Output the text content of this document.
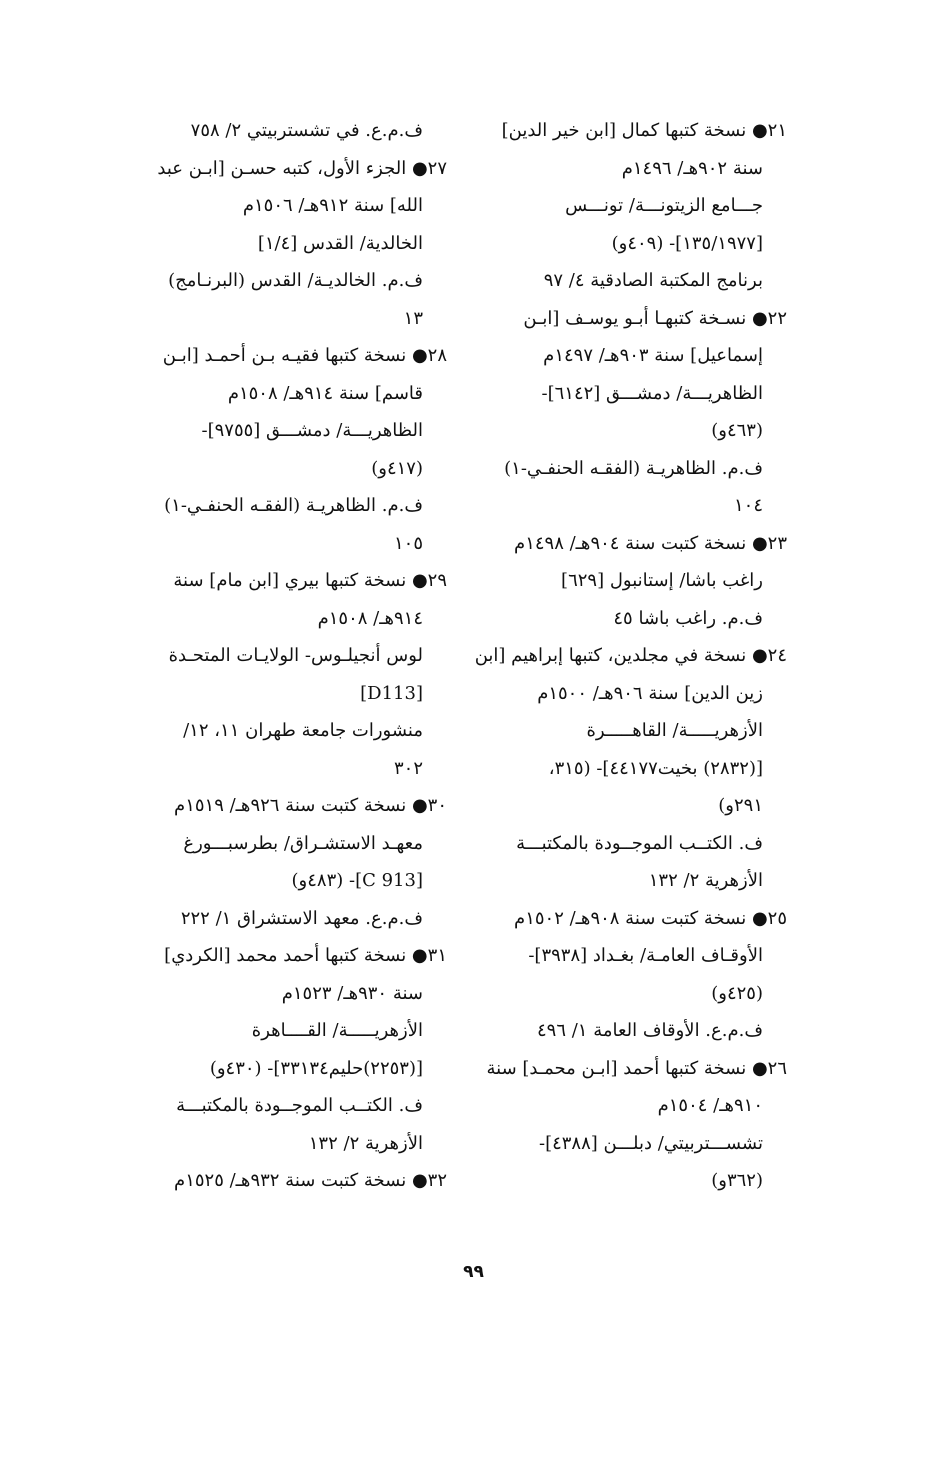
٢١● نسخة كتبها كمال [ابن خير الدين]
سنة ٩٠٢هـ/ ١٤٩٦م
جـــامع الزيتونـــة/ تونـــس
[١٣٥/١٩٧٧]- (٤٠٩و)
برنامج المكتبة الصادقية ٤/ ٩٧
٢٢● نسـخة كتبهـا أبـو يوسـف [ابـن
إسماعيل] سنة ٩٠٣هـ/ ١٤٩٧م
الظاهريـــة/ دمشـــق [٦١٤٢]-
(٤٦٣و)
ف.م. الظاهريـة (الفقـه الحنفـي-١)
١٠٤
٢٣● نسخة كتبت سنة ٩٠٤هـ/ ١٤٩٨م
راغب باشا/ إستانبول [٦٢٩]
ف.م. راغب باشا ٤٥
٢٤● نسخة في مجلدين، كتبها إبراهيم [ابن
زين الدين] سنة ٩٠٦هـ/ ١٥٠٠م
الأزهريـــــة/ القاهـــــرة
[(٢٨٣٢) بخيت٤٤١٧٧]- (٣١٥،
٢٩١و)
ف. الكتــب الموجــودة بالمكتبـــة
الأزهرية ٢/ ١٣٢
٢٥● نسخة كتبت سنة ٩٠٨هـ/ ١٥٠٢م
الأوقـاف العامـة/ بغـداد [٣٩٣٨]-
(٤٢٥و)
ف.م.ع. الأوقاف العامة ١/ ٤٩٦
٢٦● نسخة كتبها أحمد [ابـن محمـد] سنة
٩١٠هـ/ ١٥٠٤م
تشســـتربيتي/ دبلـــن [٤٣٨٨]-
(٣٦٢و)
ف.م.ع. في تشستربيتي ٢/ ٧٥٨
٢٧● الجزء الأول، كتبه حسـن [ابـن عبد
الله] سنة ٩١٢هـ/ ١٥٠٦م
الخالدية/ القدس [١/٤]
ف.م. الخالديـة/ القدس (البرنـامج)
١٣
٢٨● نسخة كتبها فقيـه بـن أحمـد [ابـن
قاسم] سنة ٩١٤هـ/ ١٥٠٨م
الظاهريـــة/ دمشـــق [٩٧٥٥]-
(٤١٧و)
ف.م. الظاهريـة (الفقـه الحنفـي-١)
١٠٥
٢٩● نسخة كتبها بيري [ابن مام] سنة
٩١٤هـ/ ١٥٠٨م
لوس أنجيلـوس- الولايـات المتحـدة
[D113]
منشورات جامعة طهران ١١، ١٢/
٣٠٢
٣٠● نسخة كتبت سنة ٩٢٦هـ/ ١٥١٩م
معهـد الاستشـراق/ بطرسبـــورغ
[C 913]- (٤٨٣و)
ف.م.ع. معهد الاستشراق ١/ ٢٢٢
٣١● نسخة كتبها أحمد محمد [الكردي]
سنة ٩٣٠هـ/ ١٥٢٣م
الأزهريـــــة/ القــــاهرة
[(٢٢٥٣)حليم٣٣١٣٤]- (٤٣٠و)
ف. الكتــب الموجــودة بالمكتبـــة
الأزهرية ٢/ ١٣٢
٣٢● نسخة كتبت سنة ٩٣٢هـ/ ١٥٢٥م
٩٩
